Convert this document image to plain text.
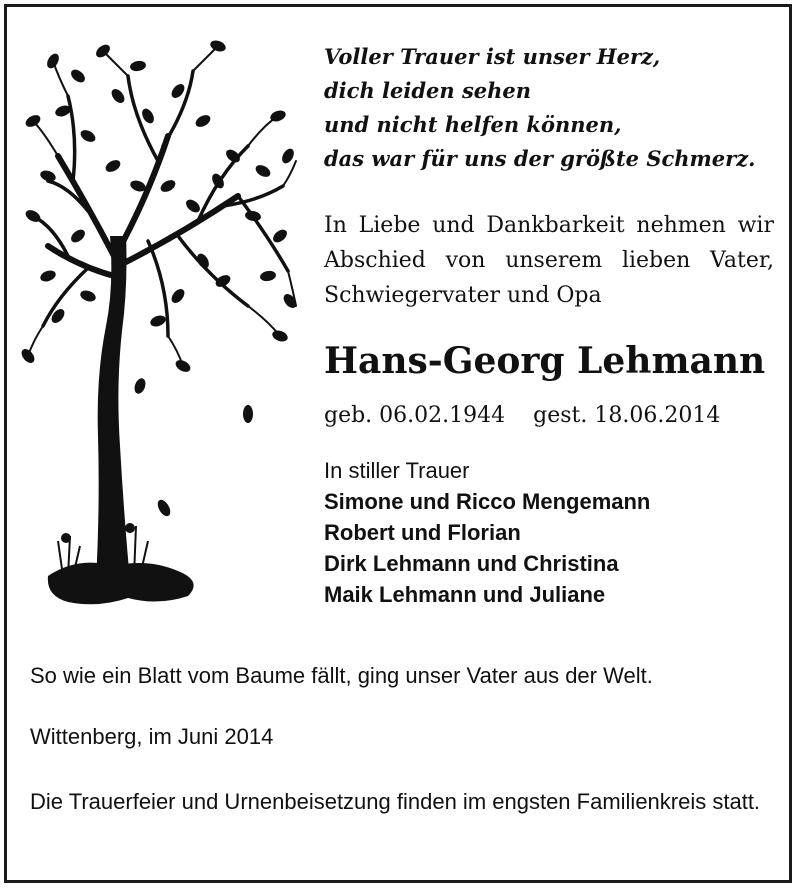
Voller Trauer ist unser Herz,
dich leiden sehen
und nicht helfen können,
das war für uns der größte Schmerz.
In Liebe und Dankbarkeit nehmen wir Abschied von unserem lieben Vater, Schwiegervater und Opa
Hans-Georg Lehmann
geb. 06.02.1944 gest. 18.06.2014
In stiller Trauer
Simone und Ricco Mengemann
Robert und Florian
Dirk Lehmann und Christina
Maik Lehmann und Juliane
So wie ein Blatt vom Baume fällt, ging unser Vater aus der Welt.
Wittenberg, im Juni 2014
Die Trauerfeier und Urnenbeisetzung finden im engsten Familienkreis statt.
